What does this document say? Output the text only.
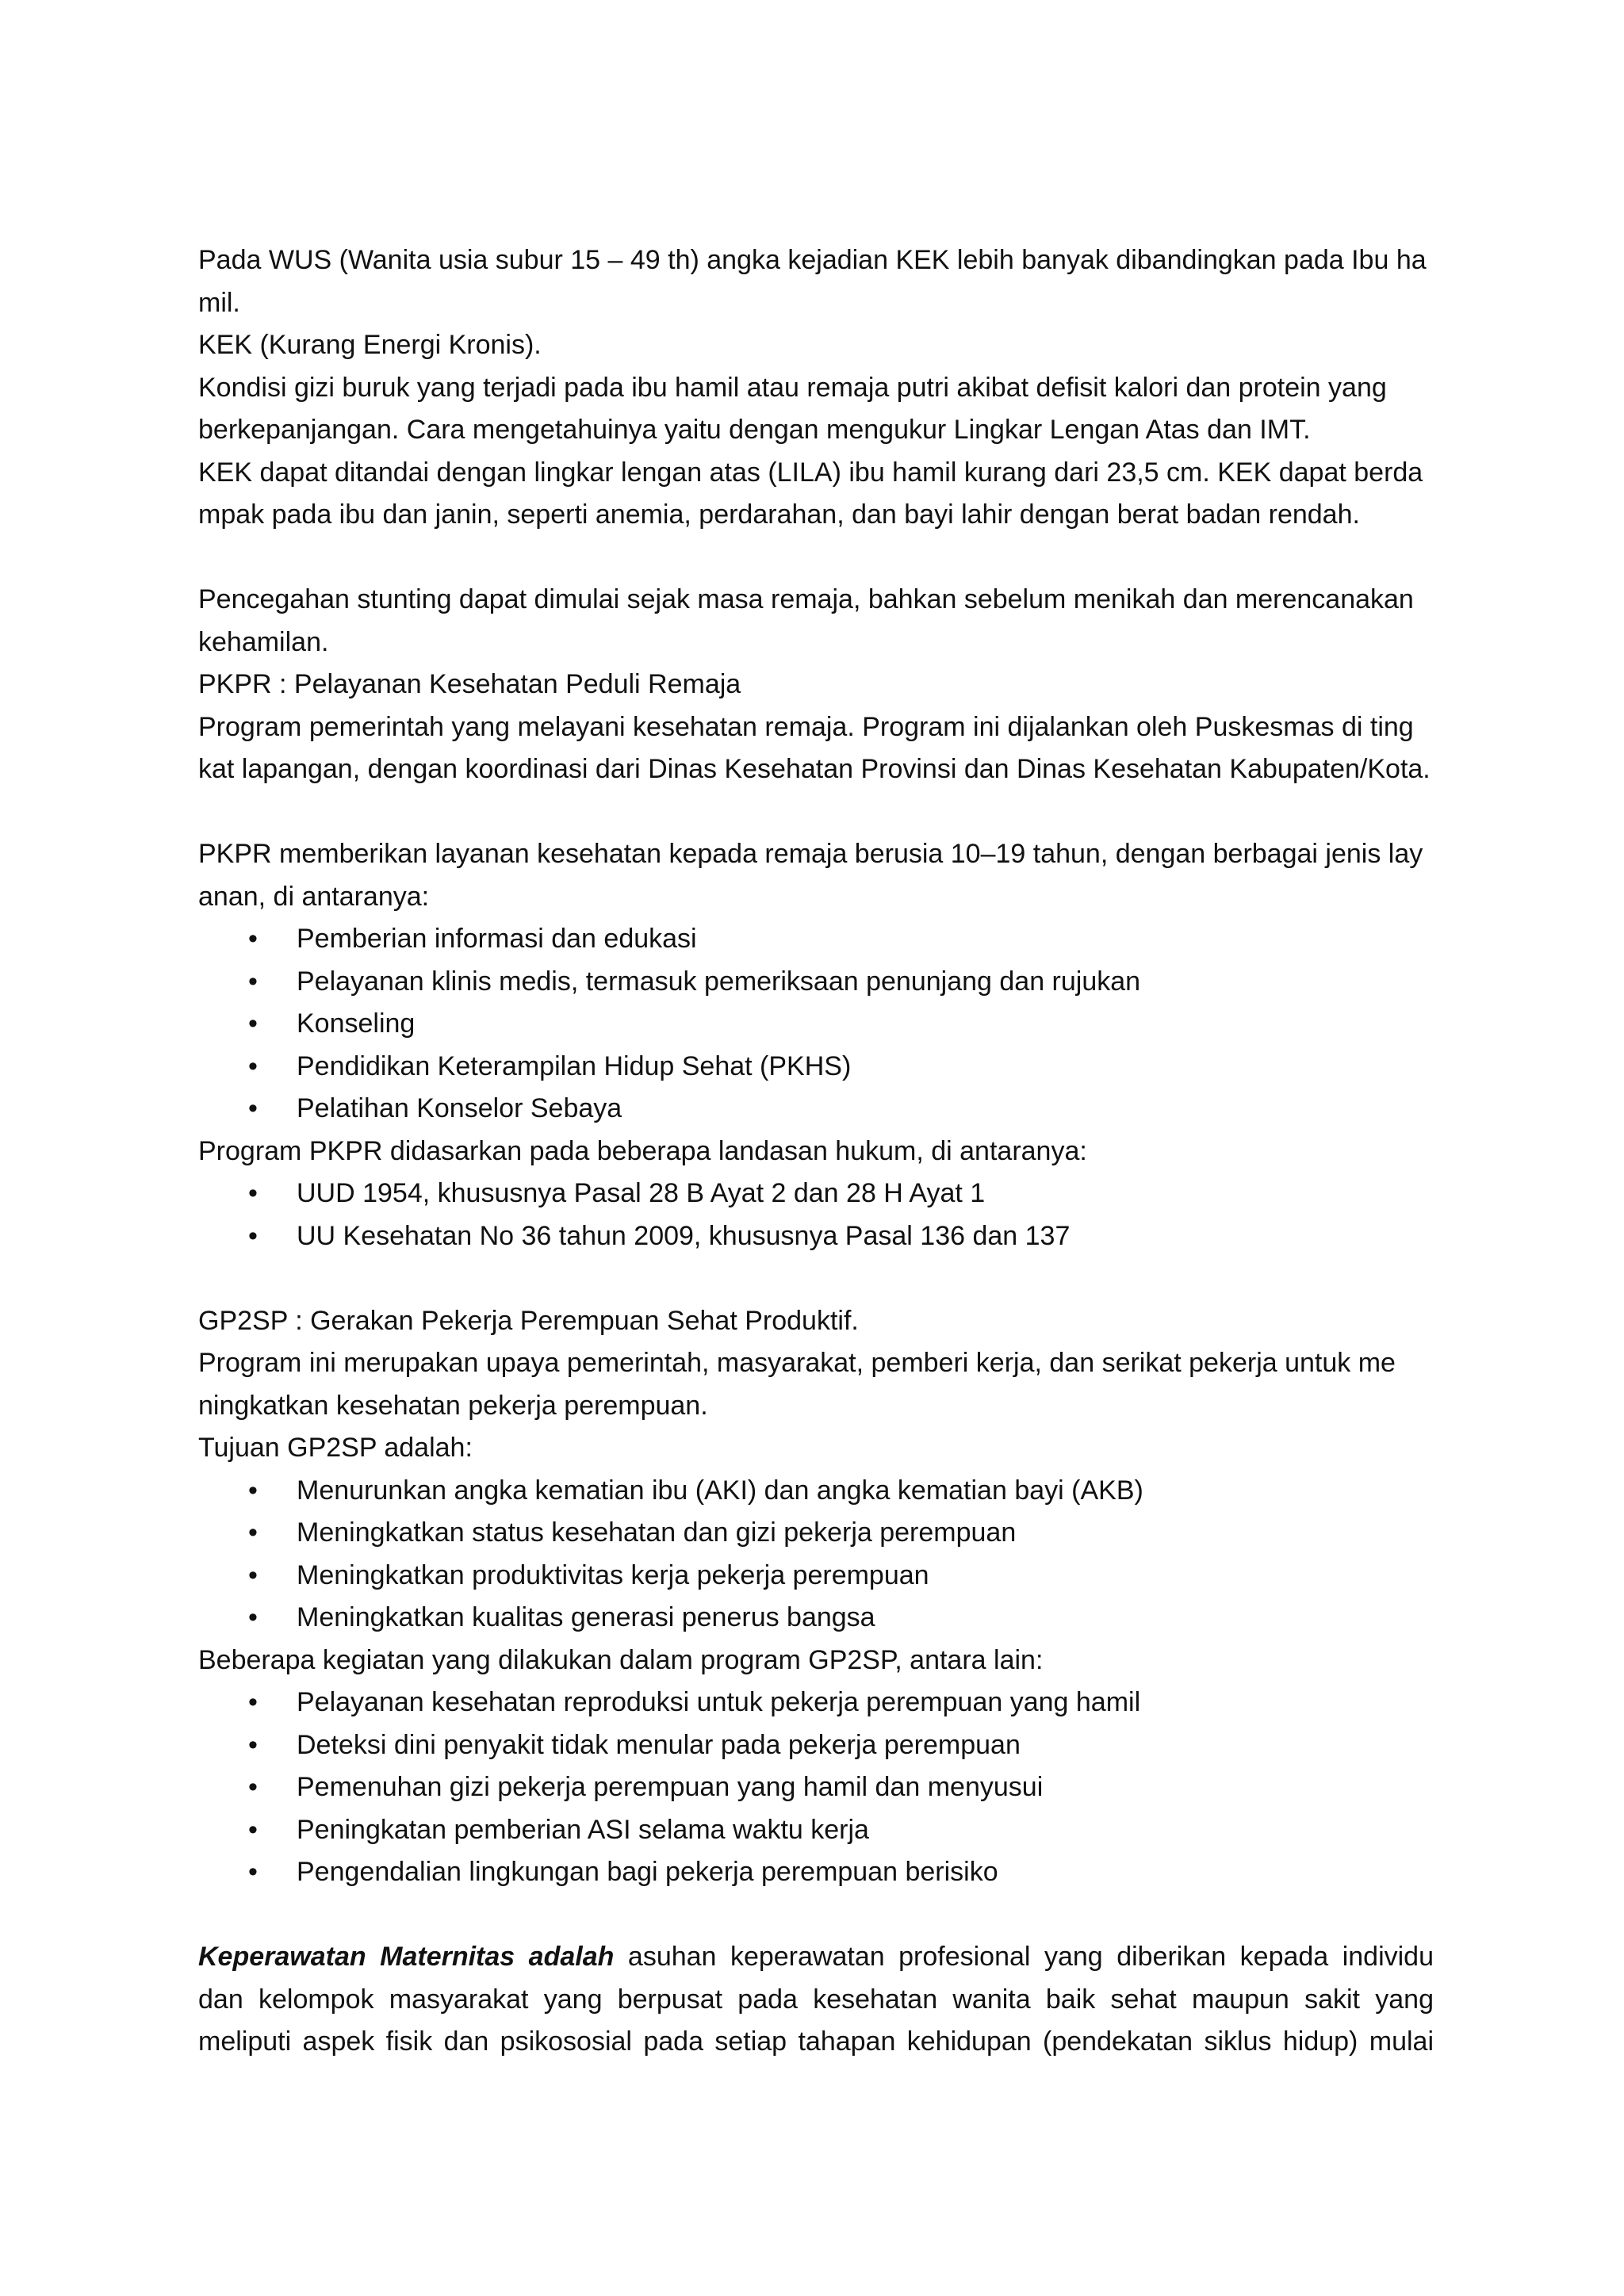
Pada WUS (Wanita usia subur 15 – 49 th) angka kejadian KEK lebih banyak dibandingkan pada Ibu ha
mil.

KEK (Kurang Energi Kronis).

Kondisi gizi buruk yang terjadi pada ibu hamil atau remaja putri akibat defisit kalori dan protein yang
berkepanjangan. Cara mengetahuinya yaitu dengan mengukur Lingkar Lengan Atas dan IMT.

KEK dapat ditandai dengan lingkar lengan atas (LILA) ibu hamil kurang dari 23,5 cm. KEK dapat berda
mpak pada ibu dan janin, seperti anemia, perdarahan, dan bayi lahir dengan berat badan rendah.

Pencegahan stunting dapat dimulai sejak masa remaja, bahkan sebelum menikah dan merencanakan
kehamilan.

PKPR : Pelayanan Kesehatan Peduli Remaja

Program pemerintah yang melayani kesehatan remaja. Program ini dijalankan oleh Puskesmas di ting
kat lapangan, dengan koordinasi dari Dinas Kesehatan Provinsi dan Dinas Kesehatan Kabupaten/Kota.

PKPR memberikan layanan kesehatan kepada remaja berusia 10–19 tahun, dengan berbagai jenis lay
anan, di antaranya:

• Pemberian informasi dan edukasi
• Pelayanan klinis medis, termasuk pemeriksaan penunjang dan rujukan
• Konseling
• Pendidikan Keterampilan Hidup Sehat (PKHS)
• Pelatihan Konselor Sebaya

Program PKPR didasarkan pada beberapa landasan hukum, di antaranya:

• UUD 1954, khususnya Pasal 28 B Ayat 2 dan 28 H Ayat 1
• UU Kesehatan No 36 tahun 2009, khususnya Pasal 136 dan 137

GP2SP : Gerakan Pekerja Perempuan Sehat Produktif.

Program ini merupakan upaya pemerintah, masyarakat, pemberi kerja, dan serikat pekerja untuk me
ningkatkan kesehatan pekerja perempuan.

Tujuan GP2SP adalah:

• Menurunkan angka kematian ibu (AKI) dan angka kematian bayi (AKB)
• Meningkatkan status kesehatan dan gizi pekerja perempuan
• Meningkatkan produktivitas kerja pekerja perempuan
• Meningkatkan kualitas generasi penerus bangsa

Beberapa kegiatan yang dilakukan dalam program GP2SP, antara lain:

• Pelayanan kesehatan reproduksi untuk pekerja perempuan yang hamil
• Deteksi dini penyakit tidak menular pada pekerja perempuan
• Pemenuhan gizi pekerja perempuan yang hamil dan menyusui
• Peningkatan pemberian ASI selama waktu kerja
• Pengendalian lingkungan bagi pekerja perempuan berisiko

Keperawatan Maternitas adalah asuhan keperawatan profesional yang diberikan kepada individu

dan kelompok masyarakat yang berpusat pada kesehatan wanita baik sehat maupun sakit yang

meliputi aspek fisik dan psikososial pada setiap tahapan kehidupan (pendekatan siklus hidup) mulai
